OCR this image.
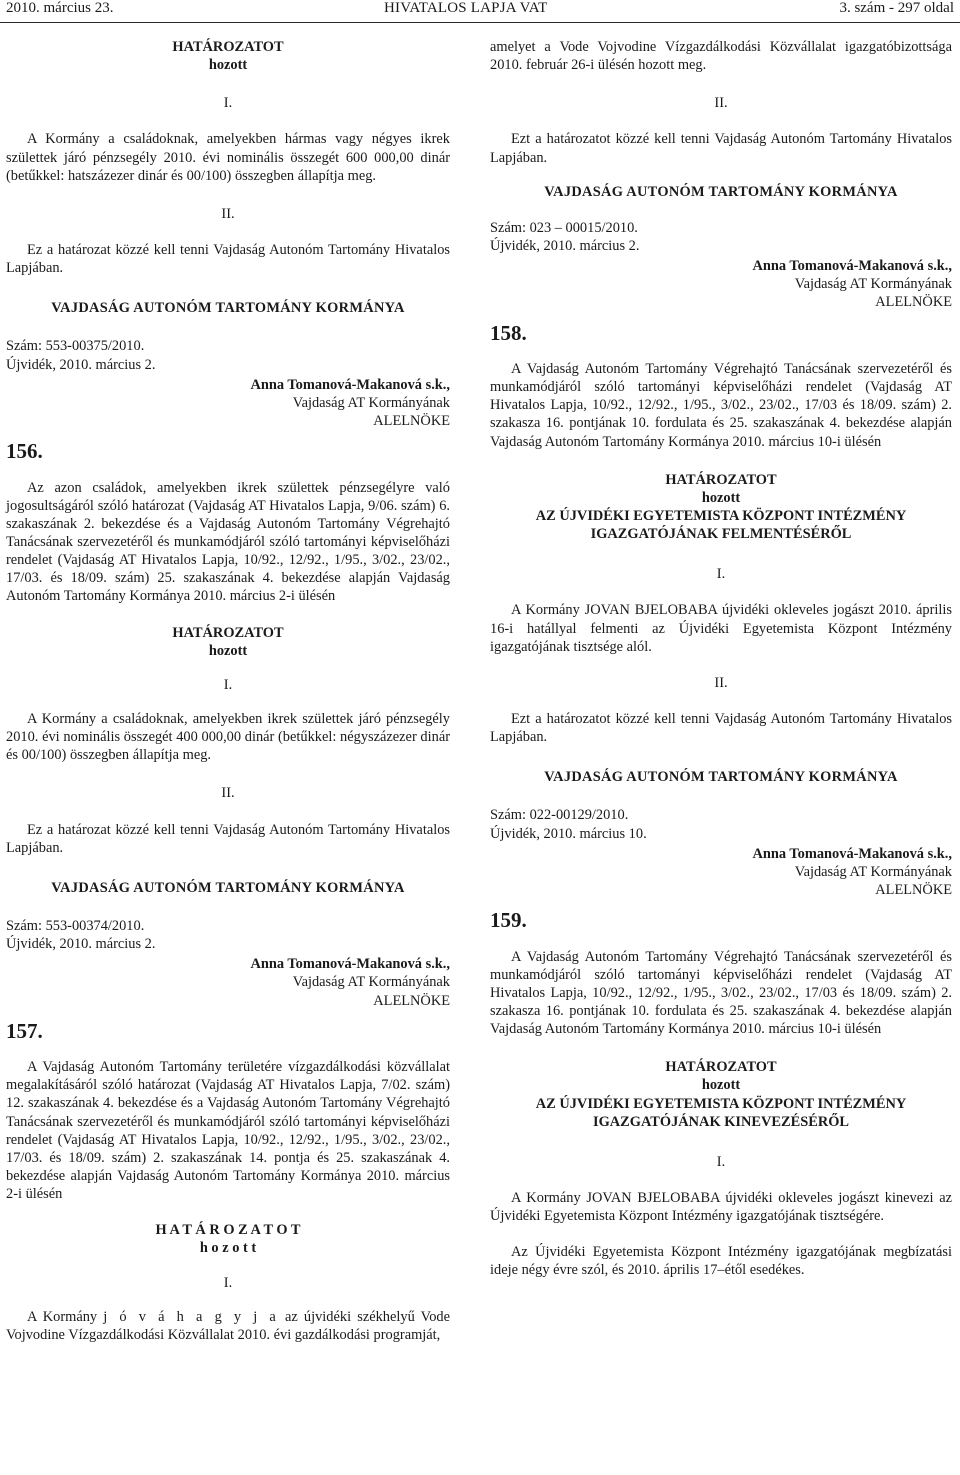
2010. március 23.	HIVATALOS LAPJA VAT	3. szám - 297 oldal

HATÁROZATOT

hozott

I.

A Kormány a családoknak, amelyekben hármas vagy négyes ikrek születtek járó pénzsegély 2010. évi nominális összegét 600 000,00 dinár (betűkkel: hatszázezer dinár és 00/100) összegben állapítja meg.

II.

Ez a határozat közzé kell tenni Vajdaság Autonóm Tartomány Hivatalos Lapjában.

VAJDASÁG AUTONÓM TARTOMÁNY KORMÁNYA

Szám: 553-00375/2010.

Újvidék, 2010. március 2.

Anna Tomanová-Makanová s.k.,
Vajdaság AT Kormányának
ALELNÖKE
156.

Az azon családok, amelyekben ikrek születtek pénzsegélyre való jogosultságáról szóló határozat (Vajdaság AT Hivatalos Lapja, 9/06. szám) 6. szakaszának 2. bekezdése és a Vajdaság Autonóm Tartomány Végrehajtó Tanácsának szervezetéről és munkamódjáról szóló tartományi képviselőházi rendelet (Vajdaság AT Hivatalos Lapja, 10/92., 12/92., 1/95., 3/02., 23/02., 17/03. és 18/09. szám) 25. szakaszának 4. bekezdése alapján Vajdaság Autonóm Tartomány Kormánya 2010. március 2-i ülésén

HATÁROZATOT

hozott

I.

A Kormány a családoknak, amelyekben ikrek születtek járó pénzsegély 2010. évi nominális összegét 400 000,00 dinár (betűkkel: négyszázezer dinár és 00/100) összegben állapítja meg.

II.

Ez a határozat közzé kell tenni Vajdaság Autonóm Tartomány Hivatalos Lapjában.

VAJDASÁG AUTONÓM TARTOMÁNY KORMÁNYA

Szám: 553-00374/2010.

Újvidék, 2010. március 2.

Anna Tomanová-Makanová s.k.,
Vajdaság AT Kormányának
ALELNÖKE
157.

A Vajdaság Autonóm Tartomány területére vízgazdálkodási közvállalat megalakításáról szóló határozat (Vajdaság AT Hivatalos Lapja, 7/02. szám) 12. szakaszának 4. bekezdése és a Vajdaság Autonóm Tartomány Végrehajtó Tanácsának szervezetéről és munkamódjáról szóló tartományi képviselőházi rendelet (Vajdaság AT Hivatalos Lapja, 10/92., 12/92., 1/95., 3/02., 23/02., 17/03. és 18/09. szám) 2. szakaszának 14. pontja és 25. szakaszának 4. bekezdése alapján Vajdaság Autonóm Tartomány Kormánya 2010. március 2-i ülésén

H A T Á R O Z A T O T

h o z o t t

I.

A Kormány j ó v á h a g y j a az újvidéki székhelyű Vode Vojvodine Vízgazdálkodási Közvállalat 2010. évi gazdálkodási programját,

amelyet a Vode Vojvodine Vízgazdálkodási Közvállalat igazgatóbizottsága 2010. február 26-i ülésén hozott meg.

II.

Ezt a határozatot közzé kell tenni Vajdaság Autonóm Tartomány Hivatalos Lapjában.

VAJDASÁG AUTONÓM TARTOMÁNY KORMÁNYA

Szám: 023 – 00015/2010.

Újvidék, 2010. március 2.

Anna Tomanová-Makanová s.k.,
Vajdaság AT Kormányának
ALELNÖKE
158.

A Vajdaság Autonóm Tartomány Végrehajtó Tanácsának szervezetéről és munkamódjáról szóló tartományi képviselőházi rendelet (Vajdaság AT Hivatalos Lapja, 10/92., 12/92., 1/95., 3/02., 23/02., 17/03 és 18/09. szám) 2. szakasza 16. pontjának 10. fordulata és 25. szakaszának 4. bekezdése alapján Vajdaság Autonóm Tartomány Kormánya 2010. március 10-i ülésén

HATÁROZATOT

hozott

AZ ÚJVIDÉKI EGYETEMISTA KÖZPONT INTÉZMÉNY

IGAZGATÓJÁNAK FELMENTÉSÉRŐL

I.

A Kormány JOVAN BJELOBABA újvidéki okleveles jogászt 2010. április 16-i hatállyal felmenti az Újvidéki Egyetemista Központ Intézmény igazgatójának tisztsége alól.

II.

Ezt a határozatot közzé kell tenni Vajdaság Autonóm Tartomány Hivatalos Lapjában.

VAJDASÁG AUTONÓM TARTOMÁNY KORMÁNYA

Szám: 022-00129/2010.

Újvidék, 2010. március 10.

Anna Tomanová-Makanová s.k.,
Vajdaság AT Kormányának
ALELNÖKE
159.

A Vajdaság Autonóm Tartomány Végrehajtó Tanácsának szervezetéről és munkamódjáról szóló tartományi képviselőházi rendelet (Vajdaság AT Hivatalos Lapja, 10/92., 12/92., 1/95., 3/02., 23/02., 17/03 és 18/09. szám) 2. szakasza 16. pontjának 10. fordulata és 25. szakaszának 4. bekezdése alapján Vajdaság Autonóm Tartomány Kormánya 2010. március 10-i ülésén

HATÁROZATOT

hozott

AZ ÚJVIDÉKI EGYETEMISTA KÖZPONT INTÉZMÉNY

IGAZGATÓJÁNAK KINEVEZÉSÉRŐL

I.

A Kormány JOVAN BJELOBABA újvidéki okleveles jogászt kinevezi az Újvidéki Egyetemista Központ Intézmény igazgatójának tisztségére.

Az Újvidéki Egyetemista Központ Intézmény igazgatójának megbízatási ideje négy évre szól, és 2010. április 17–étől esedékes.
